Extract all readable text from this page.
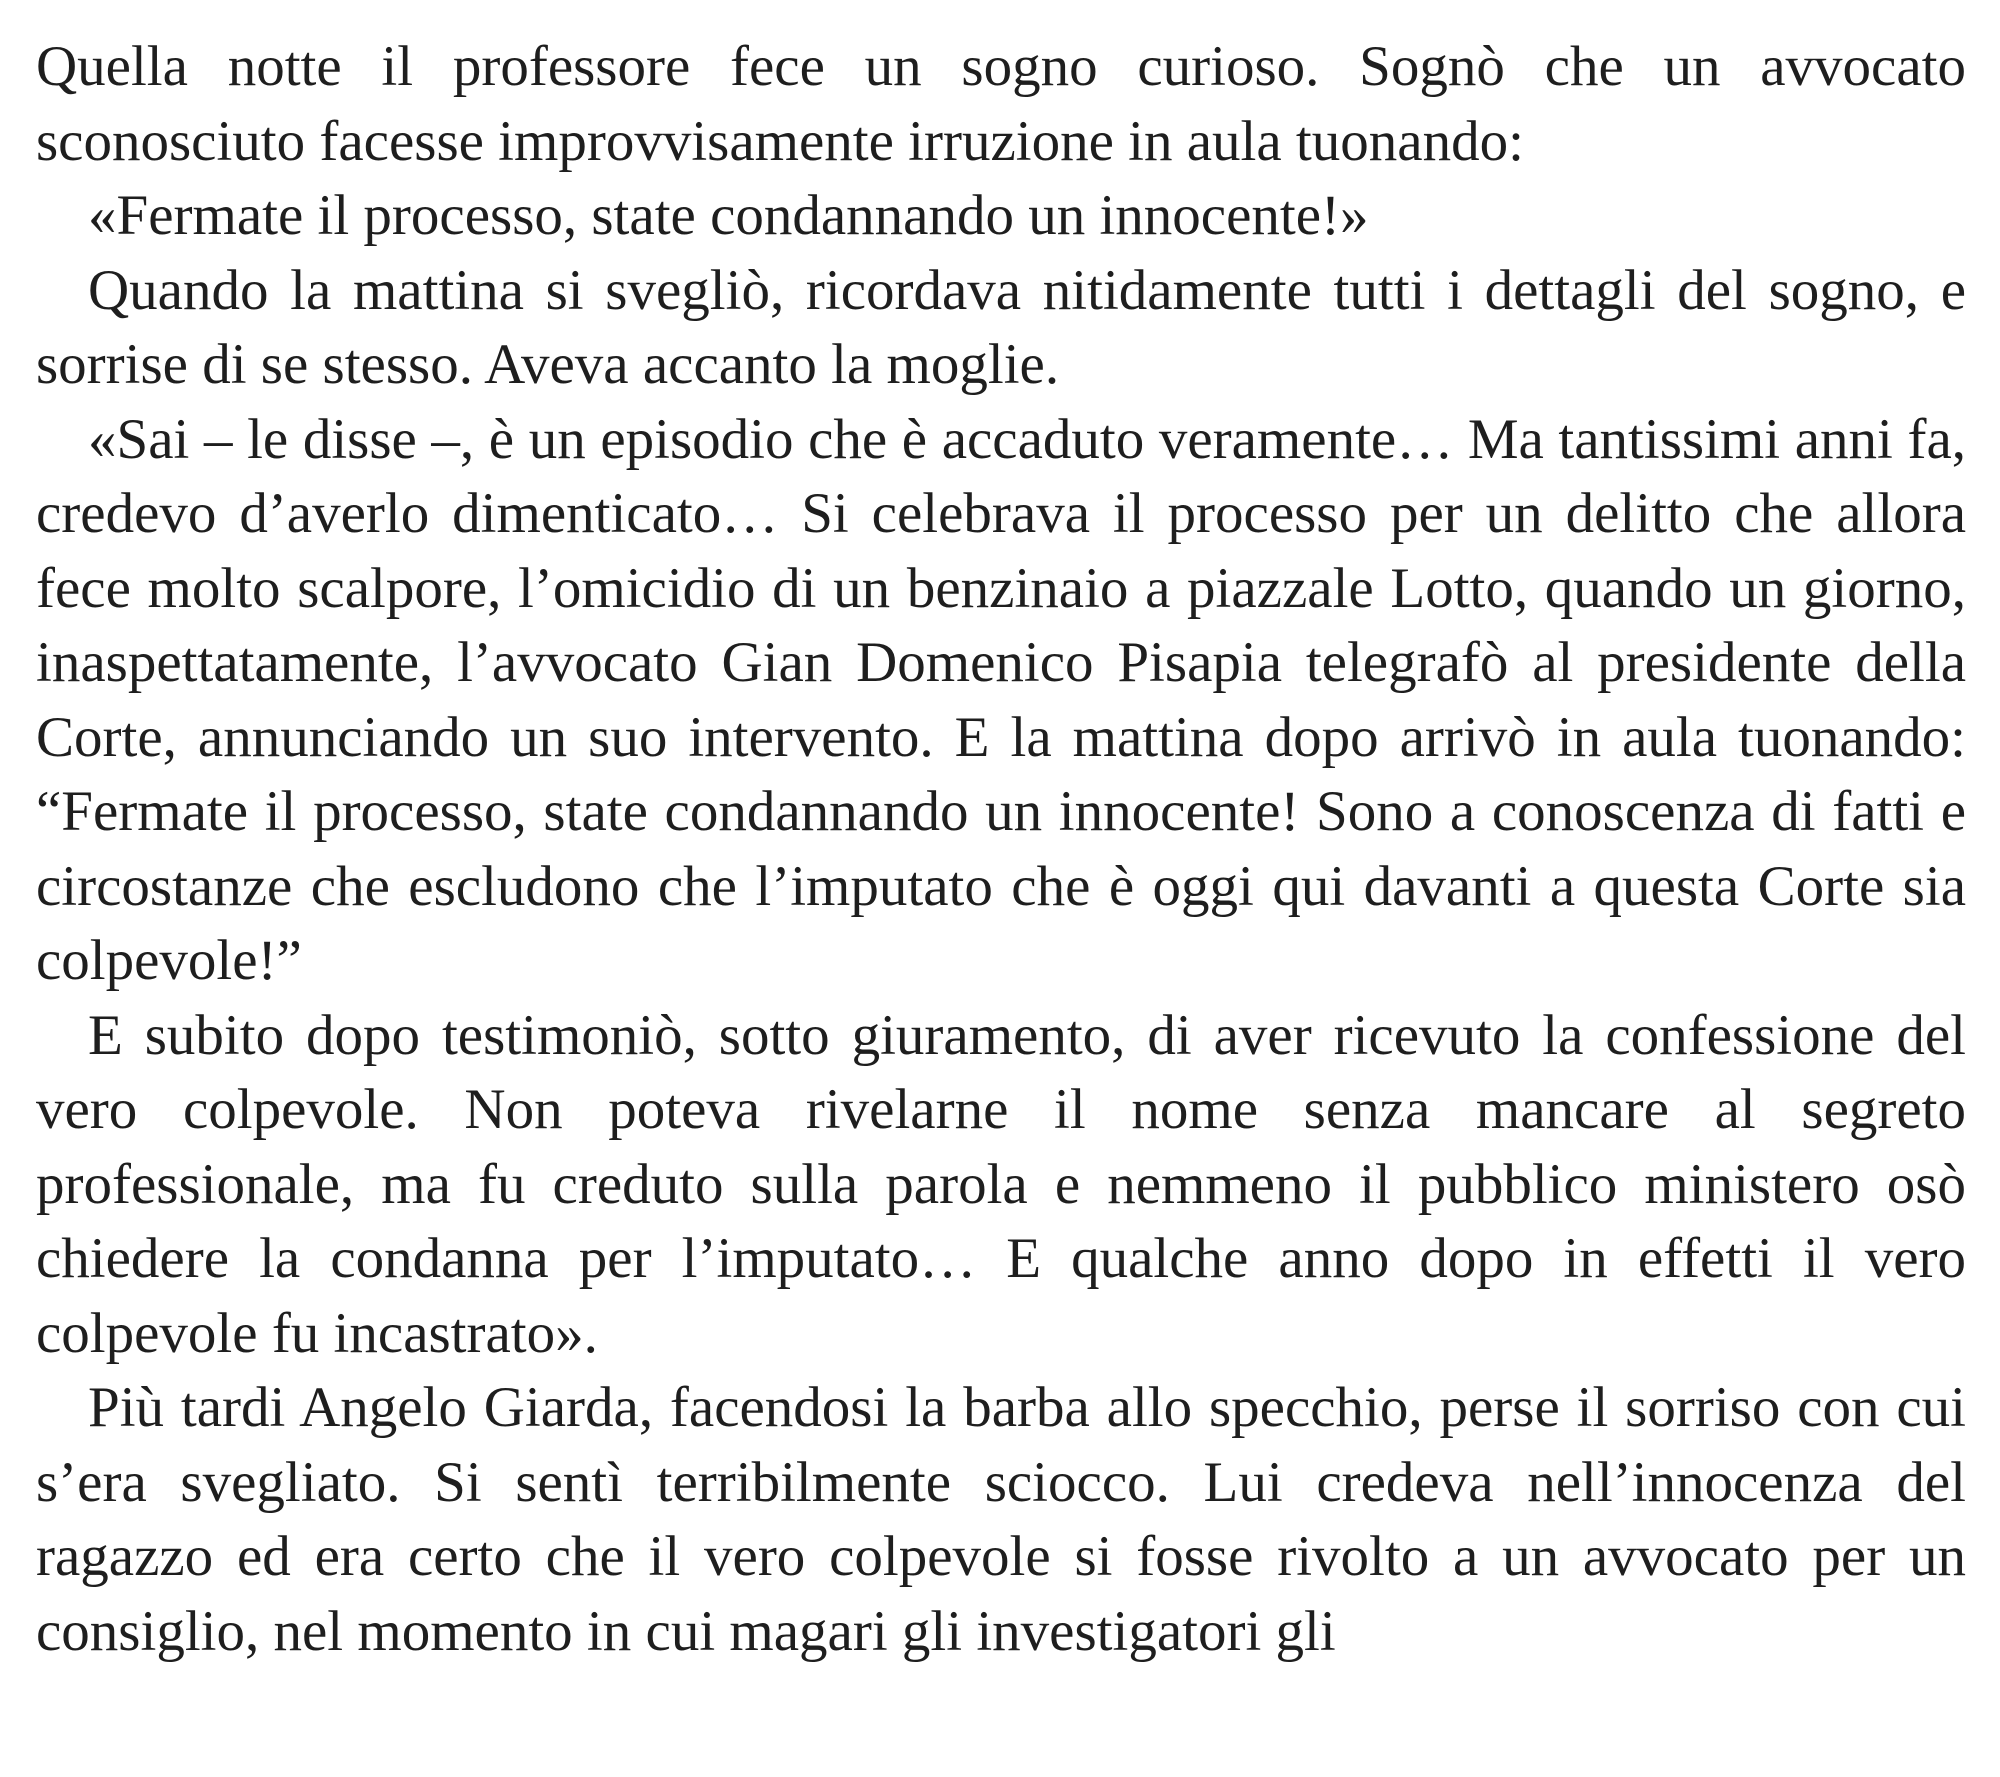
Quella notte il professore fece un sogno curioso. Sognò che un avvocato sconosciuto facesse improvvisamente irruzione in aula tuonando:

«Fermate il processo, state condannando un innocente!»

Quando la mattina si svegliò, ricordava nitidamente tutti i dettagli del sogno, e sorrise di se stesso. Aveva accanto la moglie.

«Sai – le disse –, è un episodio che è accaduto veramente… Ma tantissimi anni fa, credevo d’averlo dimenticato… Si celebrava il processo per un delitto che allora fece molto scalpore, l’omicidio di un benzinaio a piazzale Lotto, quando un giorno, inaspettatamente, l’avvocato Gian Domenico Pisapia telegrafò al presidente della Corte, annunciando un suo intervento. E la mattina dopo arrivò in aula tuonando: “Fermate il processo, state condannando un innocente! Sono a conoscenza di fatti e circostanze che escludono che l’imputato che è oggi qui davanti a questa Corte sia colpevole!”

E subito dopo testimoniò, sotto giuramento, di aver ricevuto la confessione del vero colpevole. Non poteva rivelarne il nome senza mancare al segreto professionale, ma fu creduto sulla parola e nemmeno il pubblico ministero osò chiedere la condanna per l’imputato… E qualche anno dopo in effetti il vero colpevole fu incastrato».

Più tardi Angelo Giarda, facendosi la barba allo specchio, perse il sorriso con cui s’era svegliato. Si sentì terribilmente sciocco. Lui credeva nell’innocenza del ragazzo ed era certo che il vero colpevole si fosse rivolto a un avvocato per un consiglio, nel momento in cui magari gli investigatori gli
